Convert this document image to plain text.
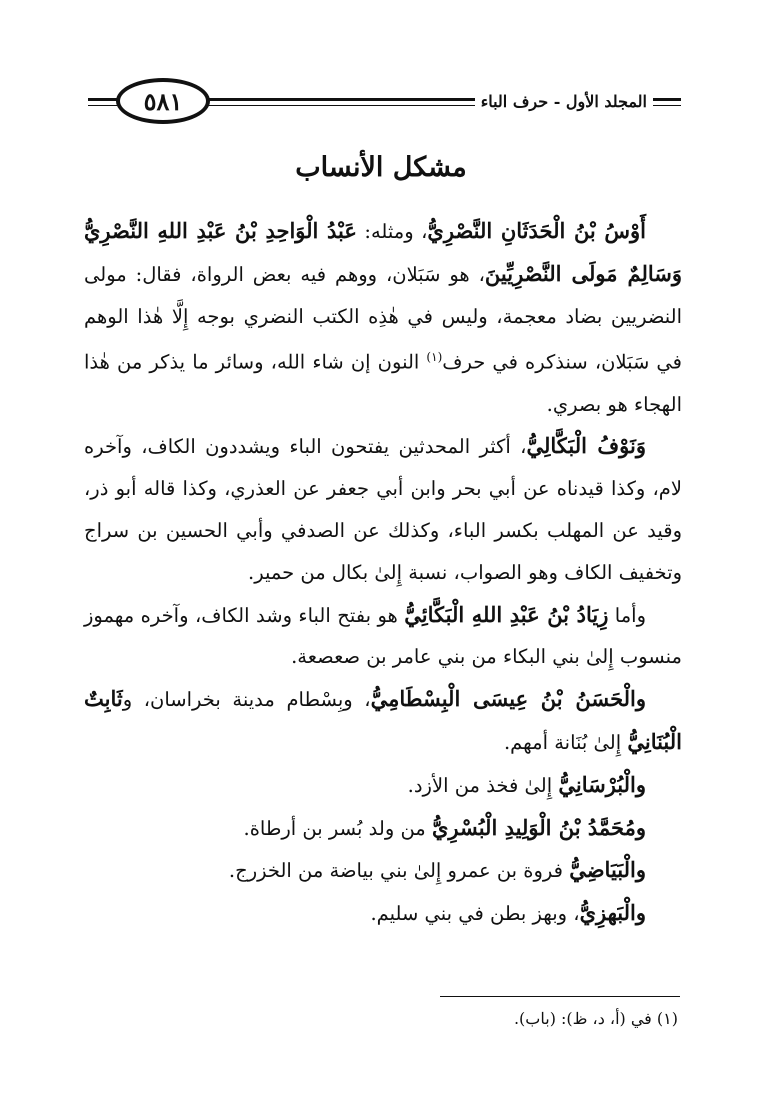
٥٨١	المجلد الأول - حرف الباء
مشكل الأنساب

أَوْسُ بْنُ الْحَدَثَانِ النَّصْرِيُّ، ومثله: عَبْدُ الْوَاحِدِ بْنُ عَبْدِ اللهِ النَّصْرِيُّ وَسَالِمٌ مَولَى النَّصْرِيِّينَ، هو سَبَلان، ووهم فيه بعض الرواة، فقال: مولى النضريين بضاد معجمة، وليس في هٰذِه الكتب النضري بوجه إِلَّا هٰذا الوهم في سَبَلان، سنذكره في حرف$^{(١)}$ النون إن شاء الله، وسائر ما يذكر من هٰذا الهجاء هو بصري.

وَنَوْفُ الْبَكَّالِيُّ، أكثر المحدثين يفتحون الباء ويشددون الكاف، وآخره لام، وكذا قيدناه عن أبي بحر وابن أبي جعفر عن العذري، وكذا قاله أبو ذر، وقيد عن المهلب بكسر الباء، وكذلك عن الصدفي وأبي الحسين بن سراج وتخفيف الكاف وهو الصواب، نسبة إِلىٰ بكال من حمير.

وأما زِيَادُ بْنُ عَبْدِ اللهِ الْبَكَّائِيُّ هو بفتح الباء وشد الكاف، وآخره مهموز منسوب إِلىٰ بني البكاء من بني عامر بن صعصعة.

والْحَسَنُ بْنُ عِيسَى الْبِسْطَامِيُّ، وبِسْطام مدينة بخراسان، وثَابِتٌ الْبُنَانِيُّ إِلىٰ بُنَانة أمهم.

والْبُرْسَانِيُّ إِلىٰ فخذ من الأزد.

ومُحَمَّدُ بْنُ الْوَلِيدِ الْبُسْرِيُّ من ولد بُسر بن أرطاة.

والْبَيَاضِيُّ فروة بن عمرو إِلىٰ بني بياضة من الخزرج.

والْبَهزِيُّ، وبهز بطن في بني سليم.

(١) في (أ، د، ظ): (باب).
